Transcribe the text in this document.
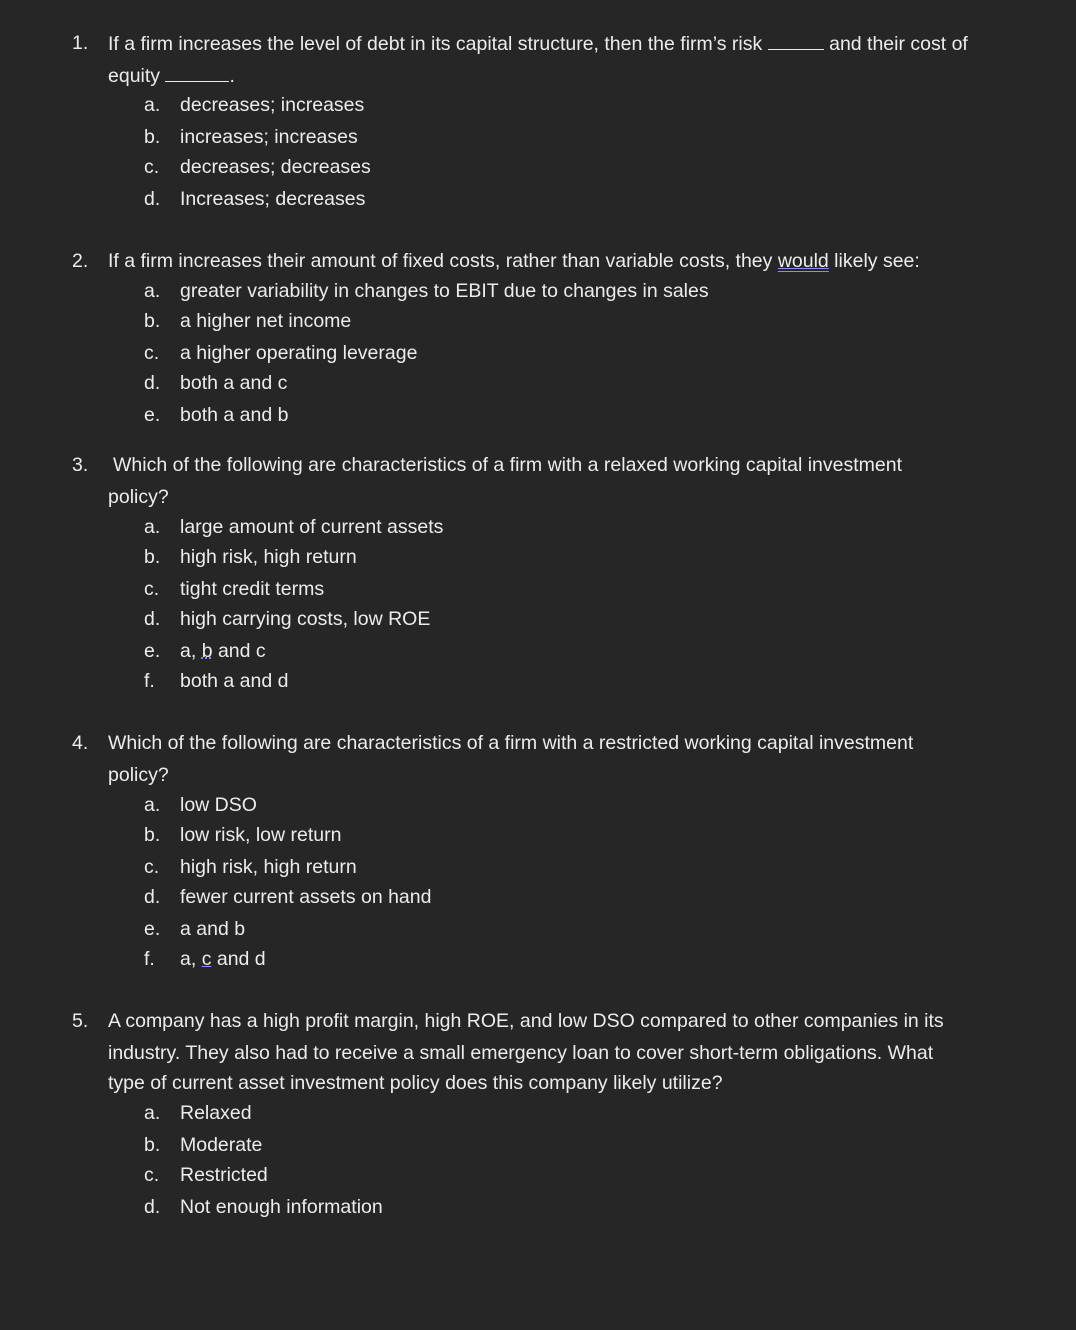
1. If a firm increases the level of debt in its capital structure, then the firm’s risk	and their cost of
equity	.
a. decreases; increases
b. increases; increases
c. decreases; decreases
d. Increases; decreases
2. If a firm increases their amount of fixed costs, rather than variable costs, they would likely see:
a. greater variability in changes to EBIT due to changes in sales
b. a higher net income
c. a higher operating leverage
d. both a and c
e. both a and b
3. Which of the following are characteristics of a firm with a relaxed working capital investment
policy?
a. large amount of current assets
b. high risk, high return
c. tight credit terms
d. high carrying costs, low ROE
e. a, b and c
f. both a and d
4. Which of the following are characteristics of a firm with a restricted working capital investment
policy?
a. low DSO
b. low risk, low return
c. high risk, high return
d. fewer current assets on hand
e. a and b
f. a, c and d
5. A company has a high profit margin, high ROE, and low DSO compared to other companies in its
industry. They also had to receive a small emergency loan to cover short-term obligations. What
type of current asset investment policy does this company likely utilize?
a. Relaxed
b. Moderate
c. Restricted
d. Not enough information
